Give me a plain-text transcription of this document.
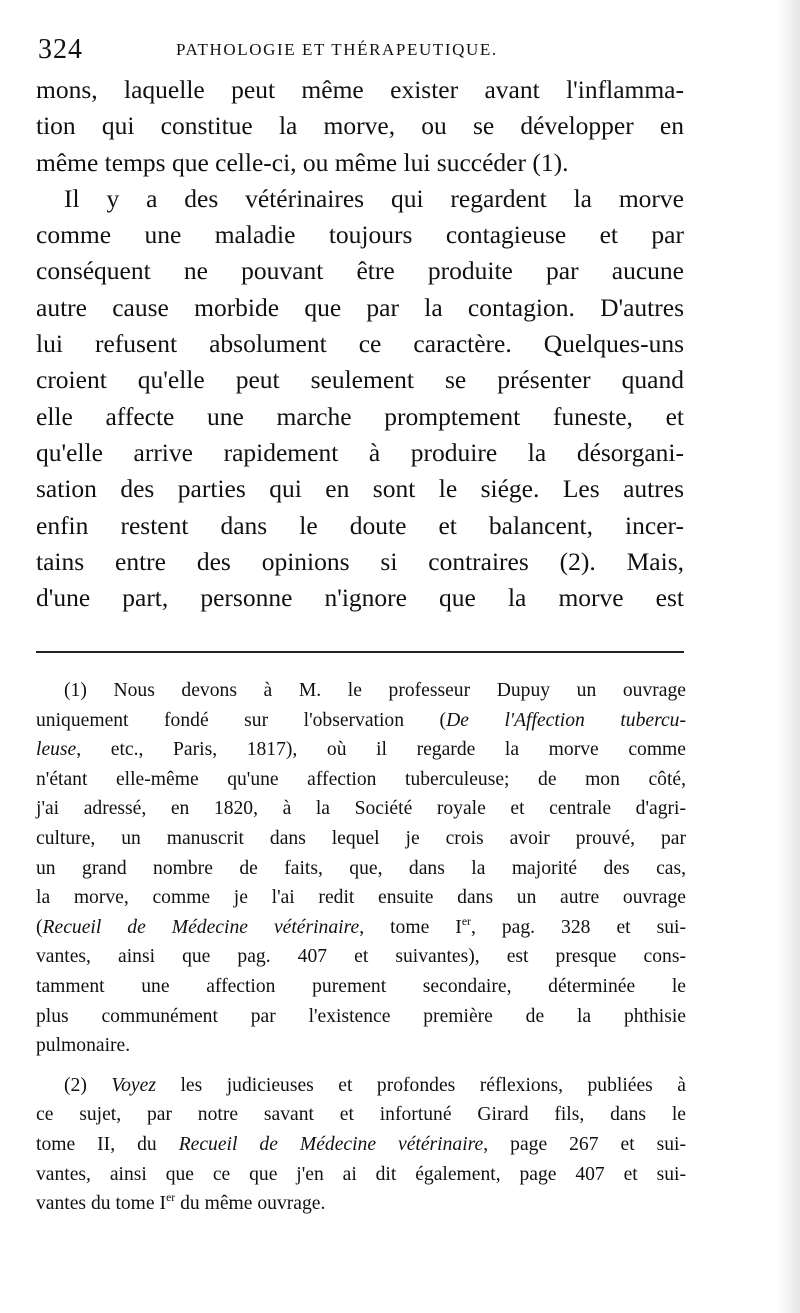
324	PATHOLOGIE ET THÉRAPEUTIQUE.
mons, laquelle peut même exister avant l'inflamma-
tion qui constitue la morve, ou se développer en
même temps que celle-ci, ou même lui succéder (1).
Il y a des vétérinaires qui regardent la morve
comme une maladie toujours contagieuse et par
conséquent ne pouvant être produite par aucune
autre cause morbide que par la contagion. D'autres
lui refusent absolument ce caractère. Quelques-uns
croient qu'elle peut seulement se présenter quand
elle affecte une marche promptement funeste, et
qu'elle arrive rapidement à produire la désorgani-
sation des parties qui en sont le siége. Les autres
enfin restent dans le doute et balancent, incer-
tains entre des opinions si contraires (2). Mais,
d'une part, personne n'ignore que la morve est
(1) Nous devons à M. le professeur Dupuy un ouvrage
uniquement fondé sur l'observation (De l'Affection tubercu-
leuse, etc., Paris, 1817), où il regarde la morve comme
n'étant elle-même qu'une affection tuberculeuse; de mon côté,
j'ai adressé, en 1820, à la Société royale et centrale d'agri-
culture, un manuscrit dans lequel je crois avoir prouvé, par
un grand nombre de faits, que, dans la majorité des cas,
la morve, comme je l'ai redit ensuite dans un autre ouvrage
(Recueil de Médecine vétérinaire, tome Ier, pag. 328 et sui-
vantes, ainsi que pag. 407 et suivantes), est presque cons-
tamment une affection purement secondaire, déterminée le
plus communément par l'existence première de la phthisie
pulmonaire.
(2) Voyez les judicieuses et profondes réflexions, publiées à
ce sujet, par notre savant et infortuné Girard fils, dans le
tome II, du Recueil de Médecine vétérinaire, page 267 et sui-
vantes, ainsi que ce que j'en ai dit également, page 407 et sui-
vantes du tome Ier du même ouvrage.
